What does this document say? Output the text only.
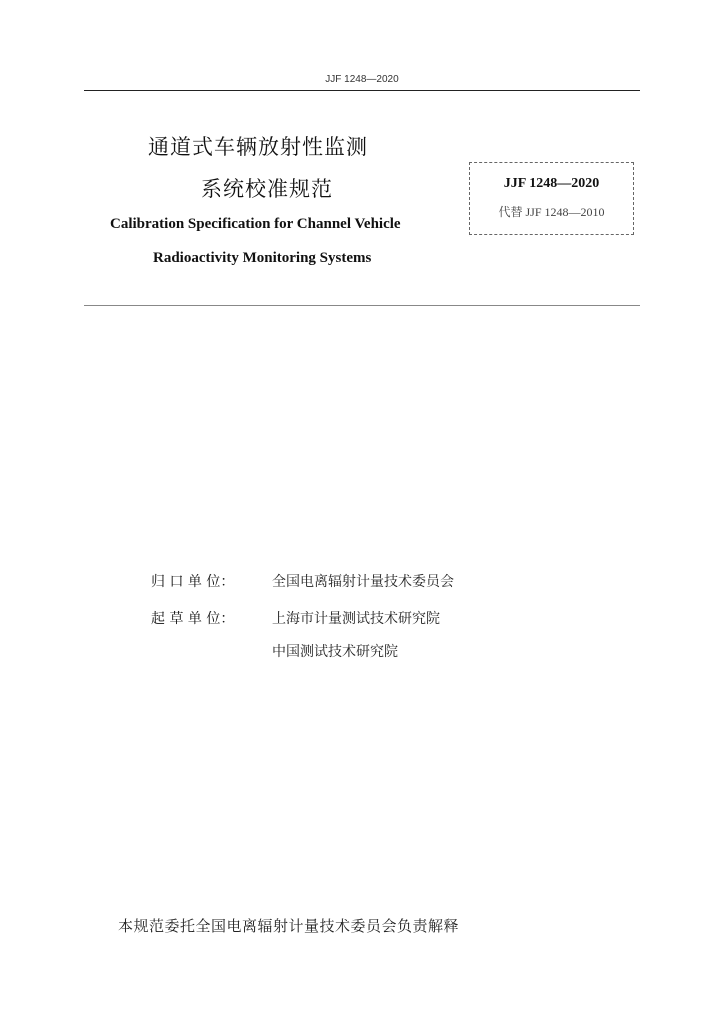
JJF 1248—2020
通道式车辆放射性监测
系统校准规范
Calibration Specification for Channel Vehicle
Radioactivity Monitoring Systems
JJF 1248—2020
代替 JJF 1248—2010
归 口 单 位：	全国电离辐射计量技术委员会
起 草 单 位：	上海市计量测试技术研究院
中国测试技术研究院
本规范委托全国电离辐射计量技术委员会负责解释
